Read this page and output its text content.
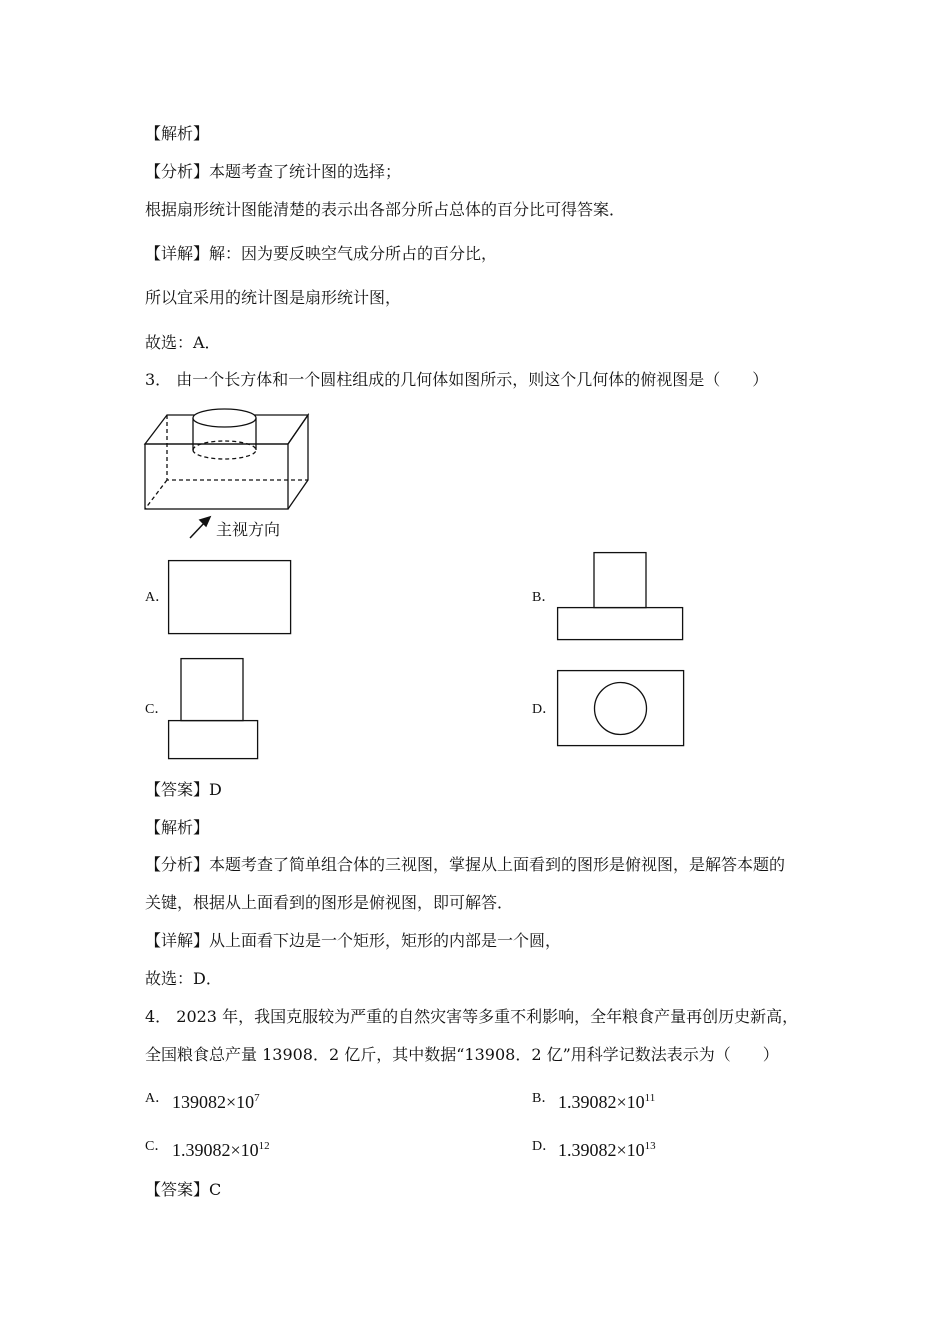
【解析】
【分析】本题考查了统计图的选择；
根据扇形统计图能清楚的表示出各部分所占总体的百分比可得答案．
【详解】解：因为要反映空气成分所占的百分比，
所以宜采用的统计图是扇形统计图，
故选：A．
3． 由一个长方体和一个圆柱组成的几何体如图所示，则这个几何体的俯视图是（　　）
主视方向
A．	B．
C．	D．
【答案】D
【解析】
【分析】本题考查了简单组合体的三视图，掌握从上面看到的图形是俯视图，是解答本题的
关键，根据从上面看到的图形是俯视图，即可解答．
【详解】从上面看下边是一个矩形，矩形的内部是一个圆，
故选：D．
4． 2023 年，我国克服较为严重的自然灾害等多重不利影响，全年粮食产量再创历史新高，
全国粮食总产量 13908．2 亿斤，其中数据“13908．2 亿”用科学记数法表示为（　　）
A． $139082\times 10^7$	B． $1.39082\times 10^{11}$
C． $1.39082\times 10^{12}$	D． $1.39082\times 10^{13}$
【答案】C
